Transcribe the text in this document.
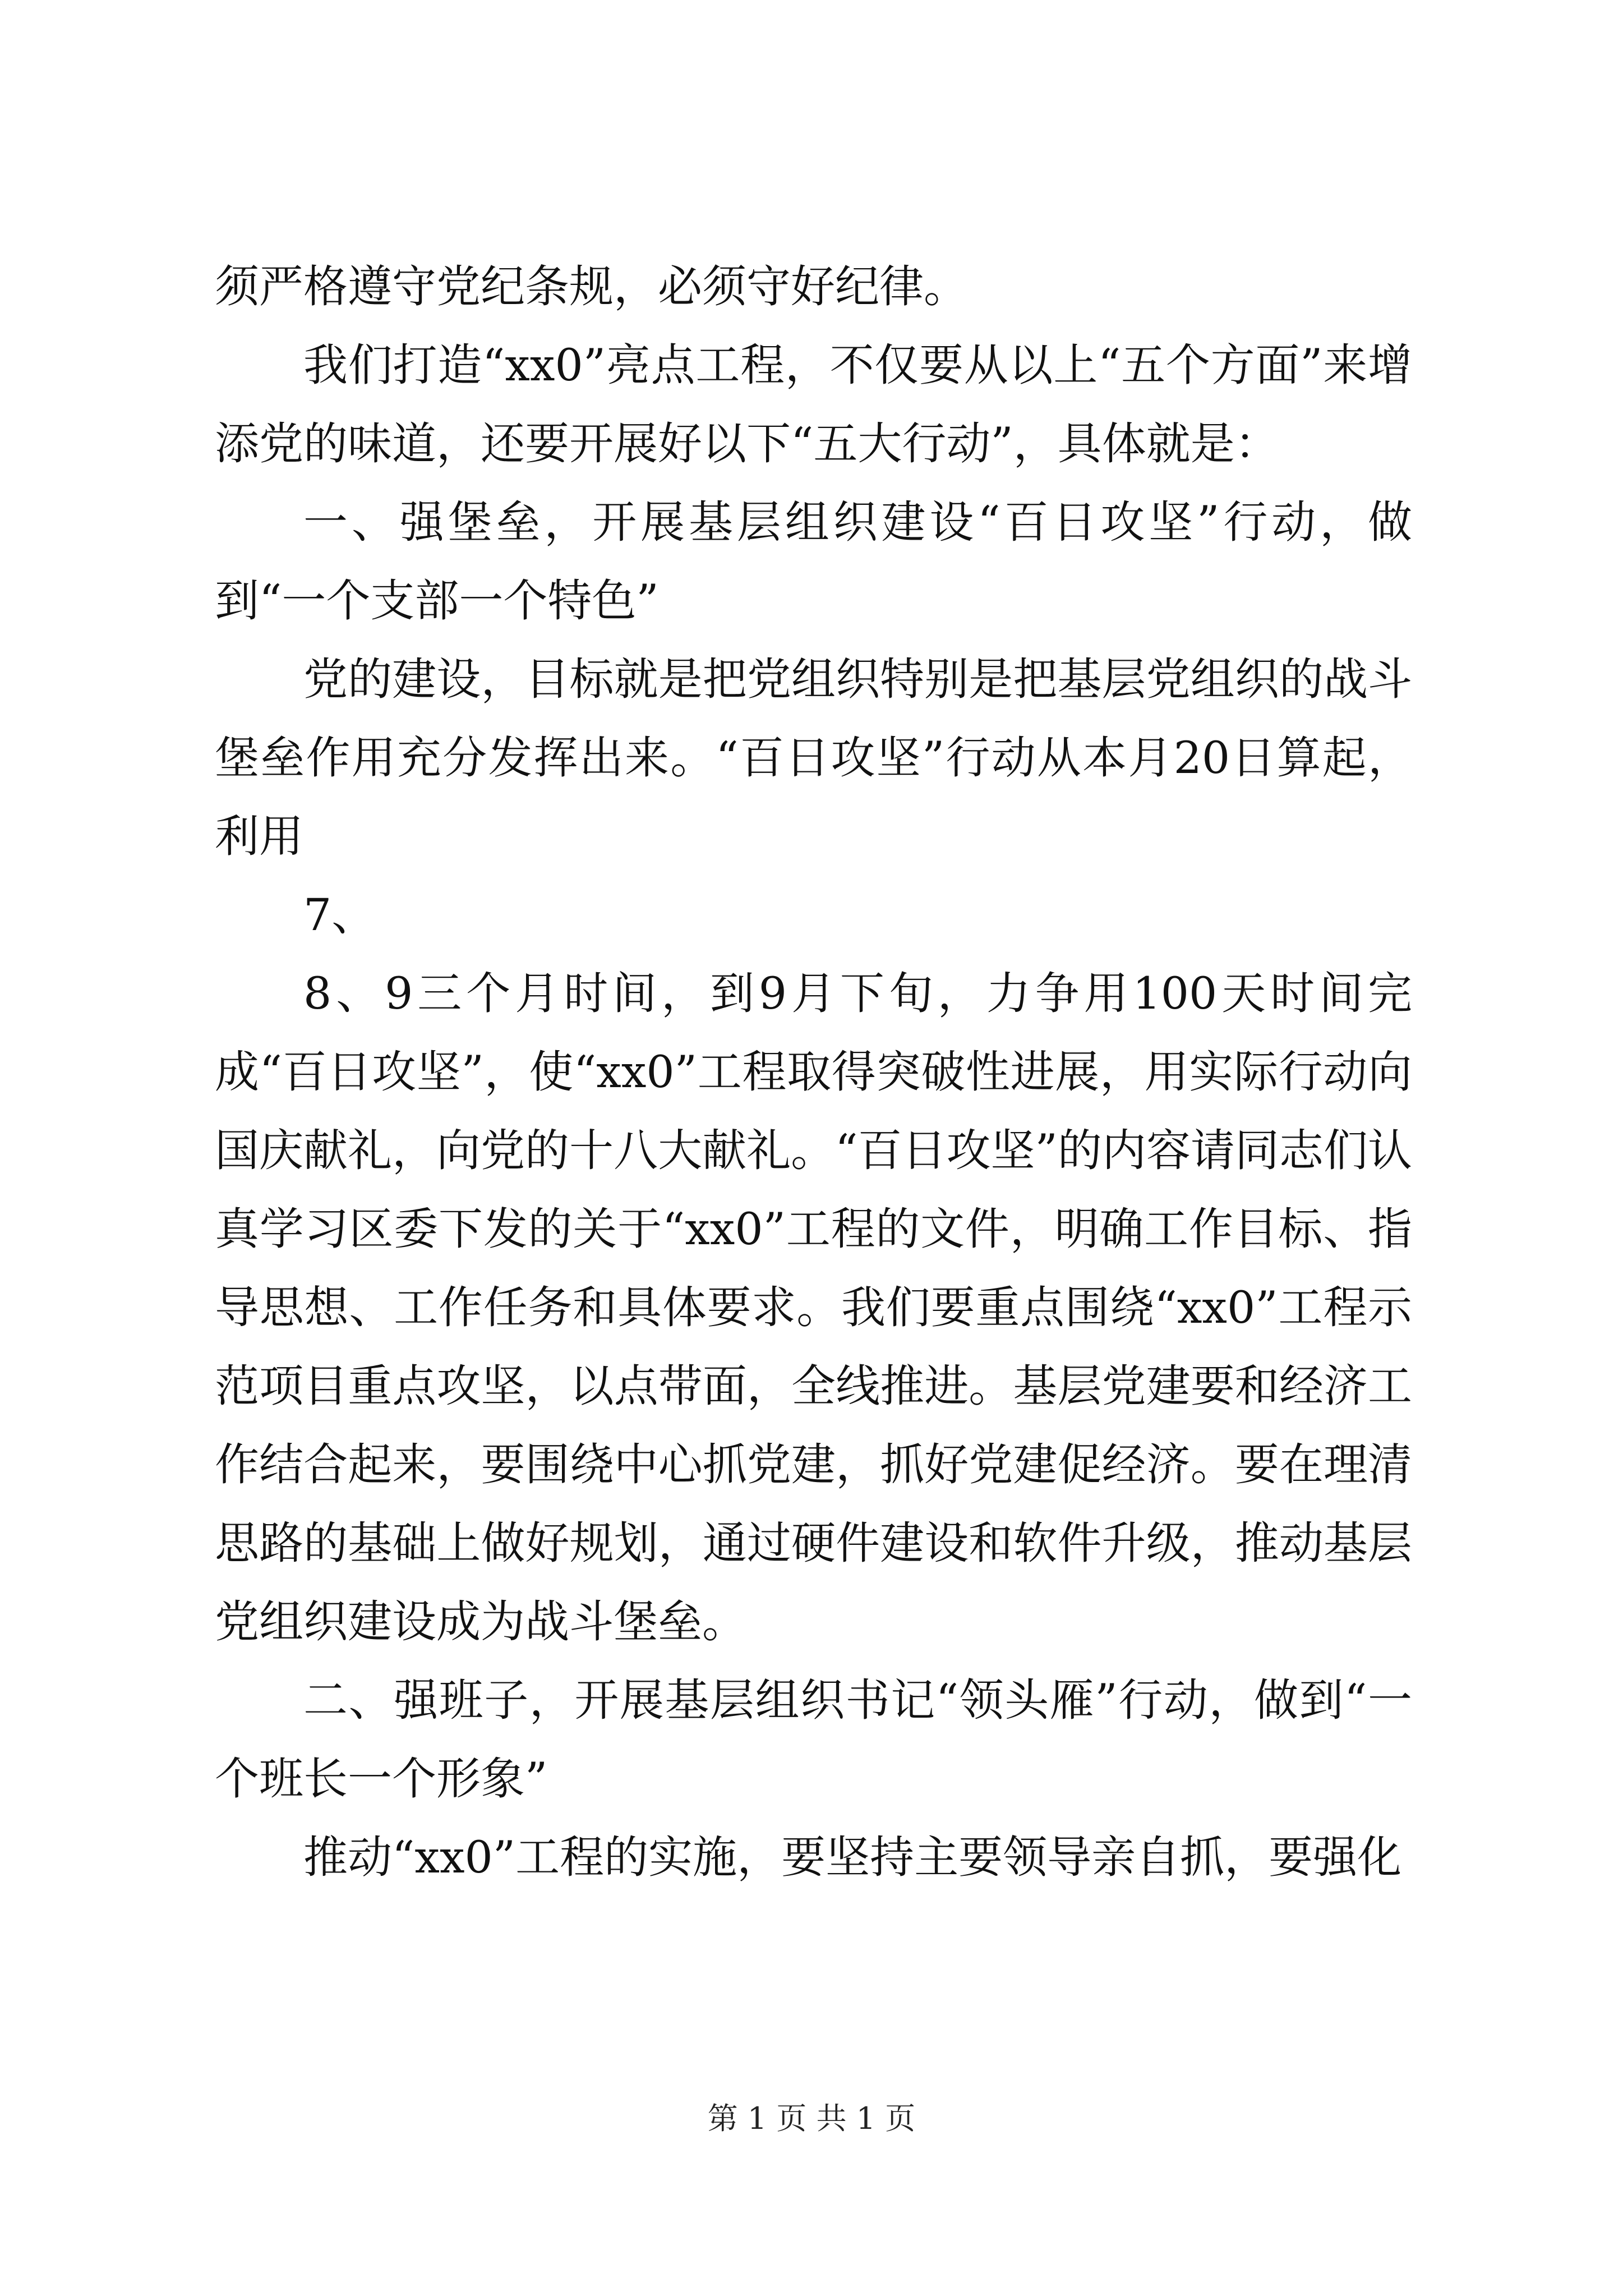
须严格遵守党纪条规，必须守好纪律。

我们打造“xx0”亮点工程，不仅要从以上“五个方面”来增添党的味道，还要开展好以下“五大行动”，具体就是：

一、强堡垒，开展基层组织建设“百日攻坚”行动，做到“一个支部一个特色”

党的建设，目标就是把党组织特别是把基层党组织的战斗堡垒作用充分发挥出来。“百日攻坚”行动从本月20日算起，利用

7、

8、9三个月时间，到9月下旬，力争用100天时间完成“百日攻坚”，使“xx0”工程取得突破性进展，用实际行动向国庆献礼，向党的十八大献礼。“百日攻坚”的内容请同志们认真学习区委下发的关于“xx0”工程的文件，明确工作目标、指导思想、工作任务和具体要求。我们要重点围绕“xx0”工程示范项目重点攻坚，以点带面，全线推进。基层党建要和经济工作结合起来，要围绕中心抓党建，抓好党建促经济。要在理清思路的基础上做好规划，通过硬件建设和软件升级，推动基层党组织建设成为战斗堡垒。

二、强班子，开展基层组织书记“领头雁”行动，做到“一个班长一个形象”

推动“xx0”工程的实施，要坚持主要领导亲自抓，要强化

第 1 页 共 1 页
